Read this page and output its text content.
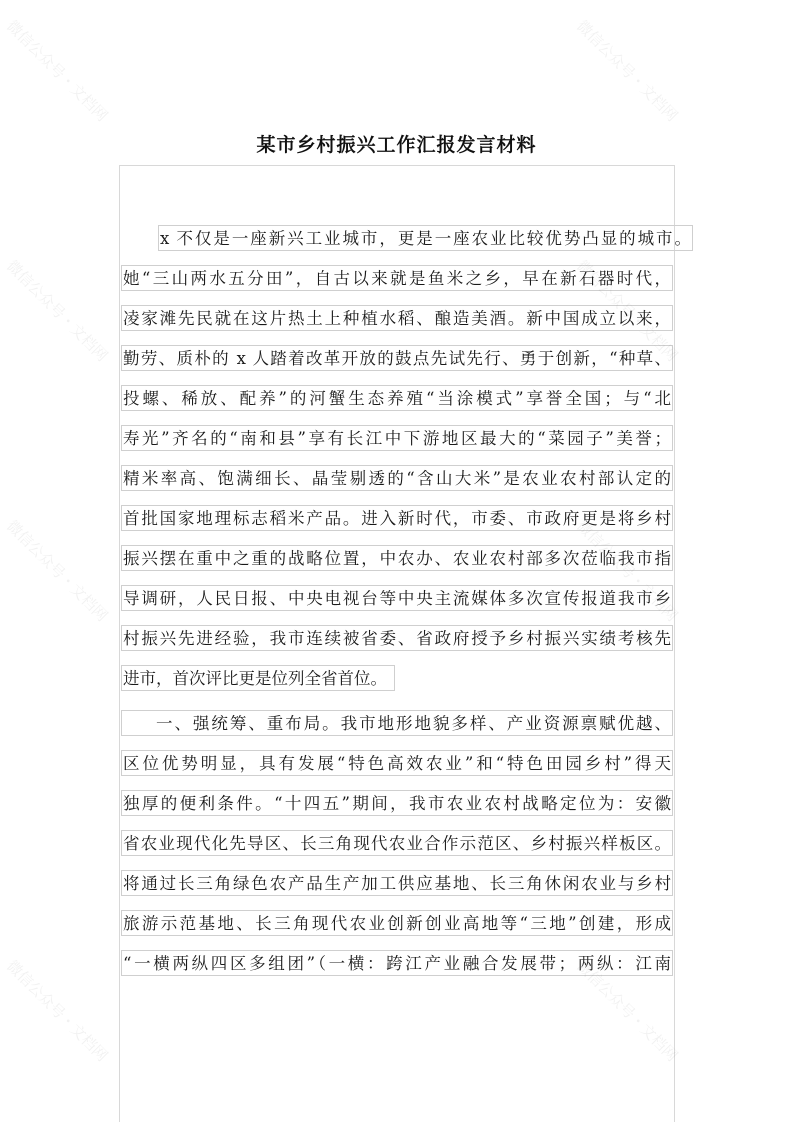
某市乡村振兴工作汇报发言材料
x 不仅是一座新兴工业城市，更是一座农业比较优势凸显的城市。
她“三山两水五分田”，自古以来就是鱼米之乡，早在新石器时代，
凌家滩先民就在这片热土上种植水稻、酿造美酒。新中国成立以来，
勤劳、质朴的 x 人踏着改革开放的鼓点先试先行、勇于创新，“种草、
投螺、稀放、配养”的河蟹生态养殖“当涂模式”享誉全国；与“北
寿光”齐名的“南和县”享有长江中下游地区最大的“菜园子”美誉；
精米率高、饱满细长、晶莹剔透的“含山大米”是农业农村部认定的
首批国家地理标志稻米产品。进入新时代，市委、市政府更是将乡村
振兴摆在重中之重的战略位置，中农办、农业农村部多次莅临我市指
导调研，人民日报、中央电视台等中央主流媒体多次宣传报道我市乡
村振兴先进经验，我市连续被省委、省政府授予乡村振兴实绩考核先
进市，首次评比更是位列全省首位。
一、强统筹、重布局。我市地形地貌多样、产业资源禀赋优越、
区位优势明显，具有发展“特色高效农业”和“特色田园乡村”得天
独厚的便利条件。“十四五”期间，我市农业农村战略定位为：安徽
省农业现代化先导区、长三角现代农业合作示范区、乡村振兴样板区。
将通过长三角绿色农产品生产加工供应基地、长三角休闲农业与乡村
旅游示范基地、长三角现代农业创新创业高地等“三地”创建，形成
“一横两纵四区多组团”（一横：跨江产业融合发展带；两纵：江南
微信公众号・文档网	微信公众号・文档网
微信公众号・文档网	微信公众号・文档网
微信公众号・文档网	微信公众号・文档网
微信公众号・文档网	微信公众号・文档网
